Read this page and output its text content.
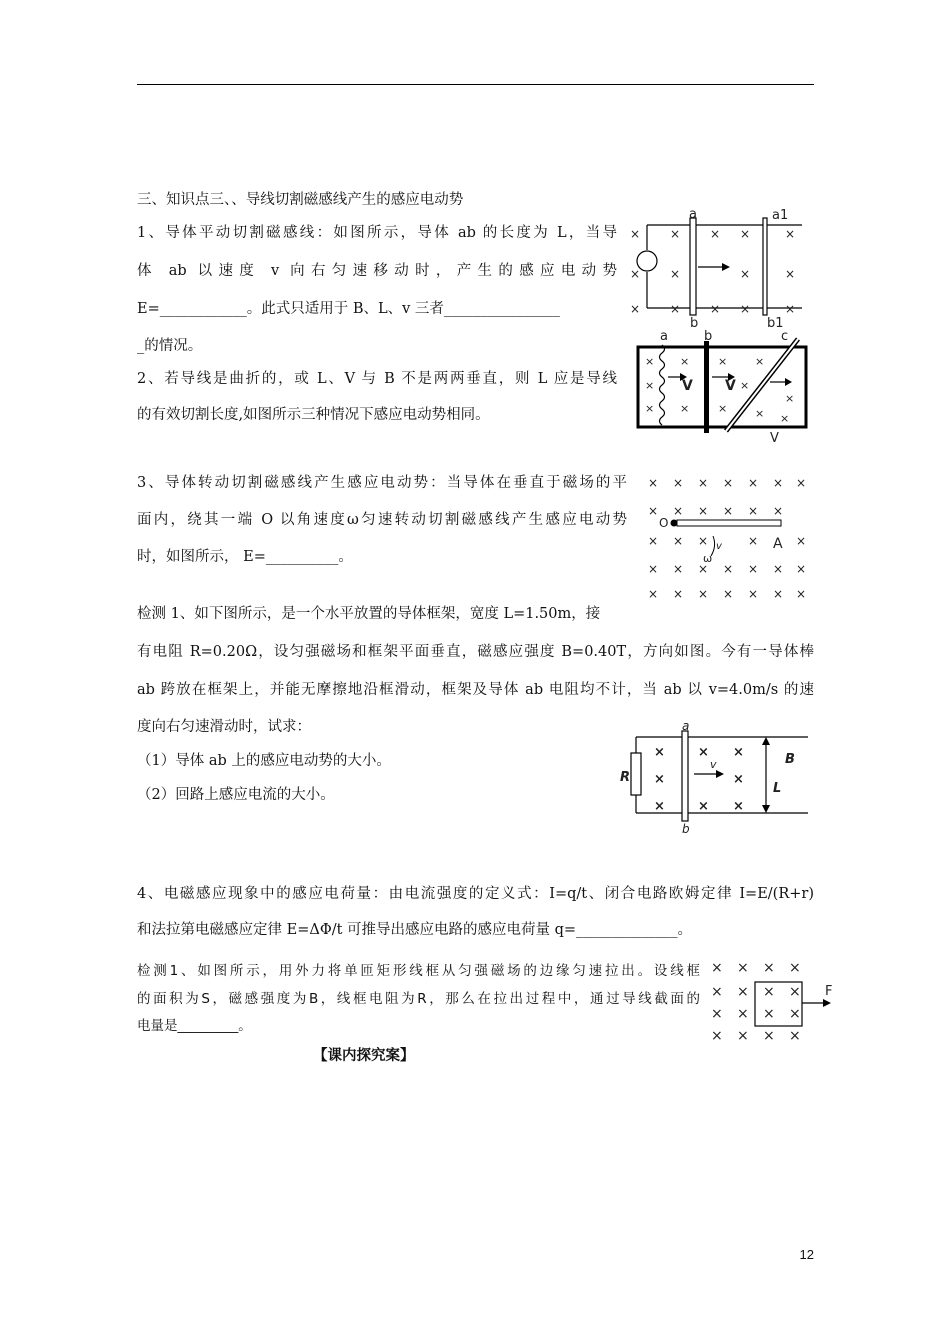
三、知识点三、、导线切割磁感线产生的感应电动势
1、导体平动切割磁感线：如图所示，导体 ab 的长度为 L，当导
体 ab 以速度 v 向右匀速移动时，产生的感应电动势
E=____________。此式只适用于 B、L、v 三者________________
_的情况。
2、若导线是曲折的，或 L、V 与 B 不是两两垂直，则 L 应是导线
的有效切割长度,如图所示三种情况下感应电动势相同。
3、导体转动切割磁感线产生感应电动势：当导体在垂直于磁场的平
面内，绕其一端 O 以角速度ω匀速转动切割磁感线产生感应电动势
时，如图所示， E=__________。
检测 1、如下图所示，是一个水平放置的导体框架，宽度 L=1.50m，接
有电阻 R=0.20Ω，设匀强磁场和框架平面垂直，磁感应强度 B=0.40T，方向如图。今有一导体棒
ab 跨放在框架上，并能无摩擦地沿框滑动，框架及导体 ab 电阻均不计，当 ab 以 v=4.0m/s 的速
度向右匀速滑动时，试求：
（1）导体 ab 上的感应电动势的大小。
（2）回路上感应电流的大小。
4、电磁感应现象中的感应电荷量：由电流强度的定义式：I=q/t、闭合电路欧姆定律 I=E/(R+r)
和法拉第电磁感应定律 E=ΔΦ/t 可推导出感应电路的感应电荷量 q=______________。
检测1、如图所示，用外力将单匝矩形线框从匀强磁场的边缘匀速拉出。设线框
的面积为S，磁感强度为B，线框电阻为R，那么在拉出过程中，通过导线截面的
电量是_________。
【课内探究案】
12
× × × ×	×
× ×	×	×
× × × ×	×
a	a1
b	b1
× ×	×	×
×	×
×
× ×	×	× ×
V V
V
a	b	c
× × × × × × ×
× × × × × ×
× × ×	×	×
× × × × × × ×
× × × × × × ×
O
A
ω
v
×	× ×
×	×
×	× ×
R
a
b
v	B
L
× × × ×
× × × ×
× × × ×
× × × ×
F
